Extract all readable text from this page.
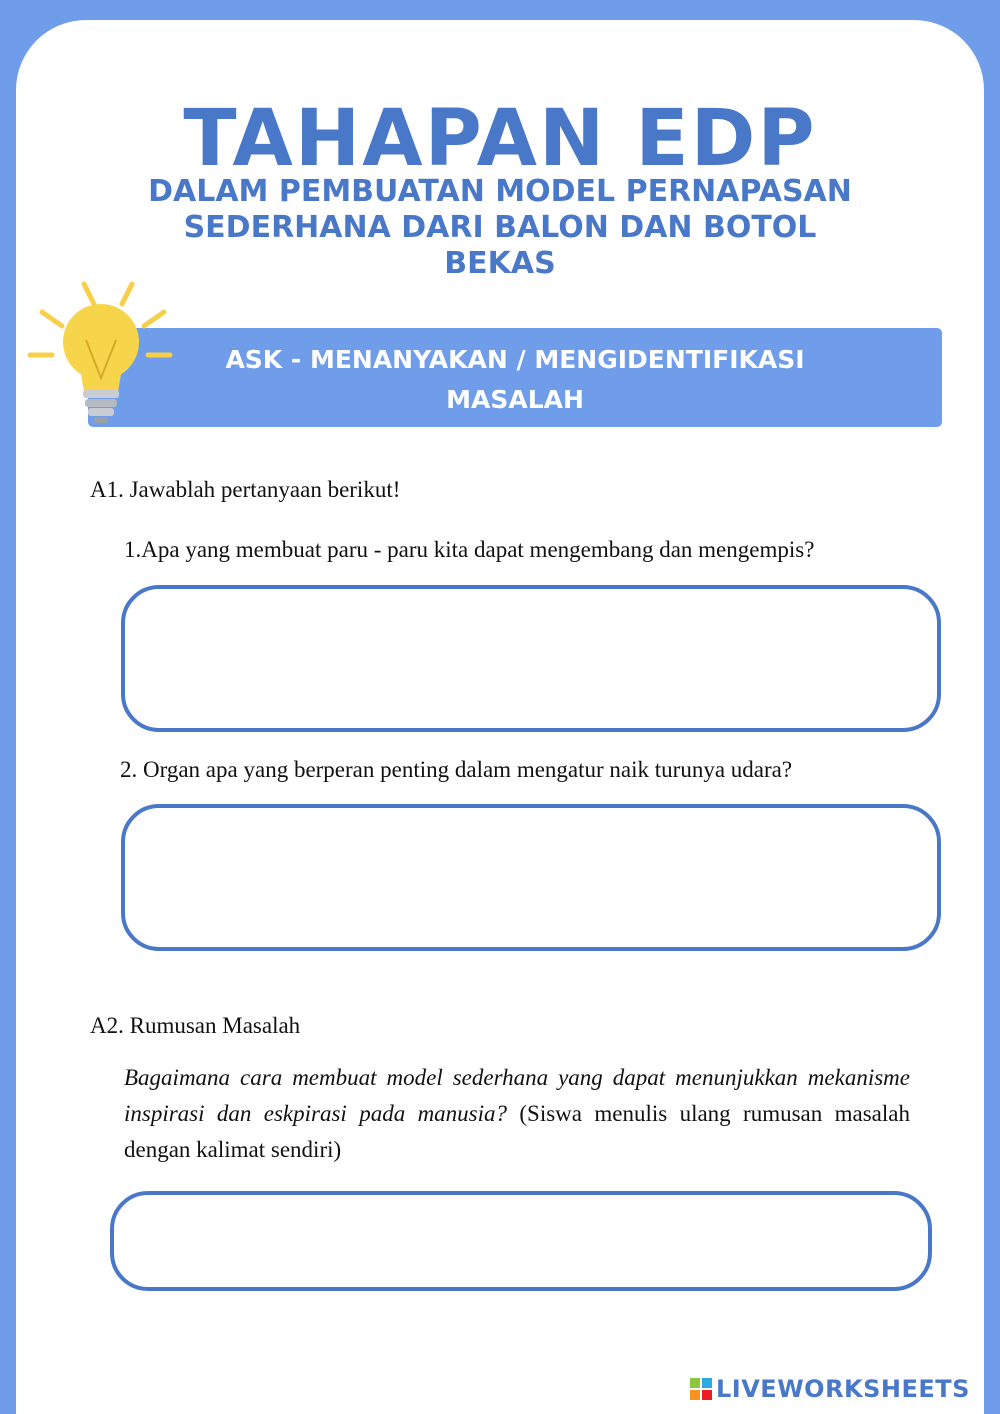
TAHAPAN EDP
DALAM PEMBUATAN MODEL PERNAPASAN
SEDERHANA DARI BALON DAN BOTOL
BEKAS
ASK - MENANYAKAN / MENGIDENTIFIKASI
MASALAH
A1. Jawablah pertanyaan berikut!
1.Apa yang membuat paru - paru kita dapat mengembang dan mengempis?
2. Organ apa yang berperan penting dalam mengatur naik turunya udara?
A2. Rumusan Masalah
Bagaimana cara membuat model sederhana yang dapat menunjukkan mekanisme inspirasi dan eskpirasi pada manusia? (Siswa menulis ulang rumusan masalah dengan kalimat sendiri)
LIVEWORKSHEETS
